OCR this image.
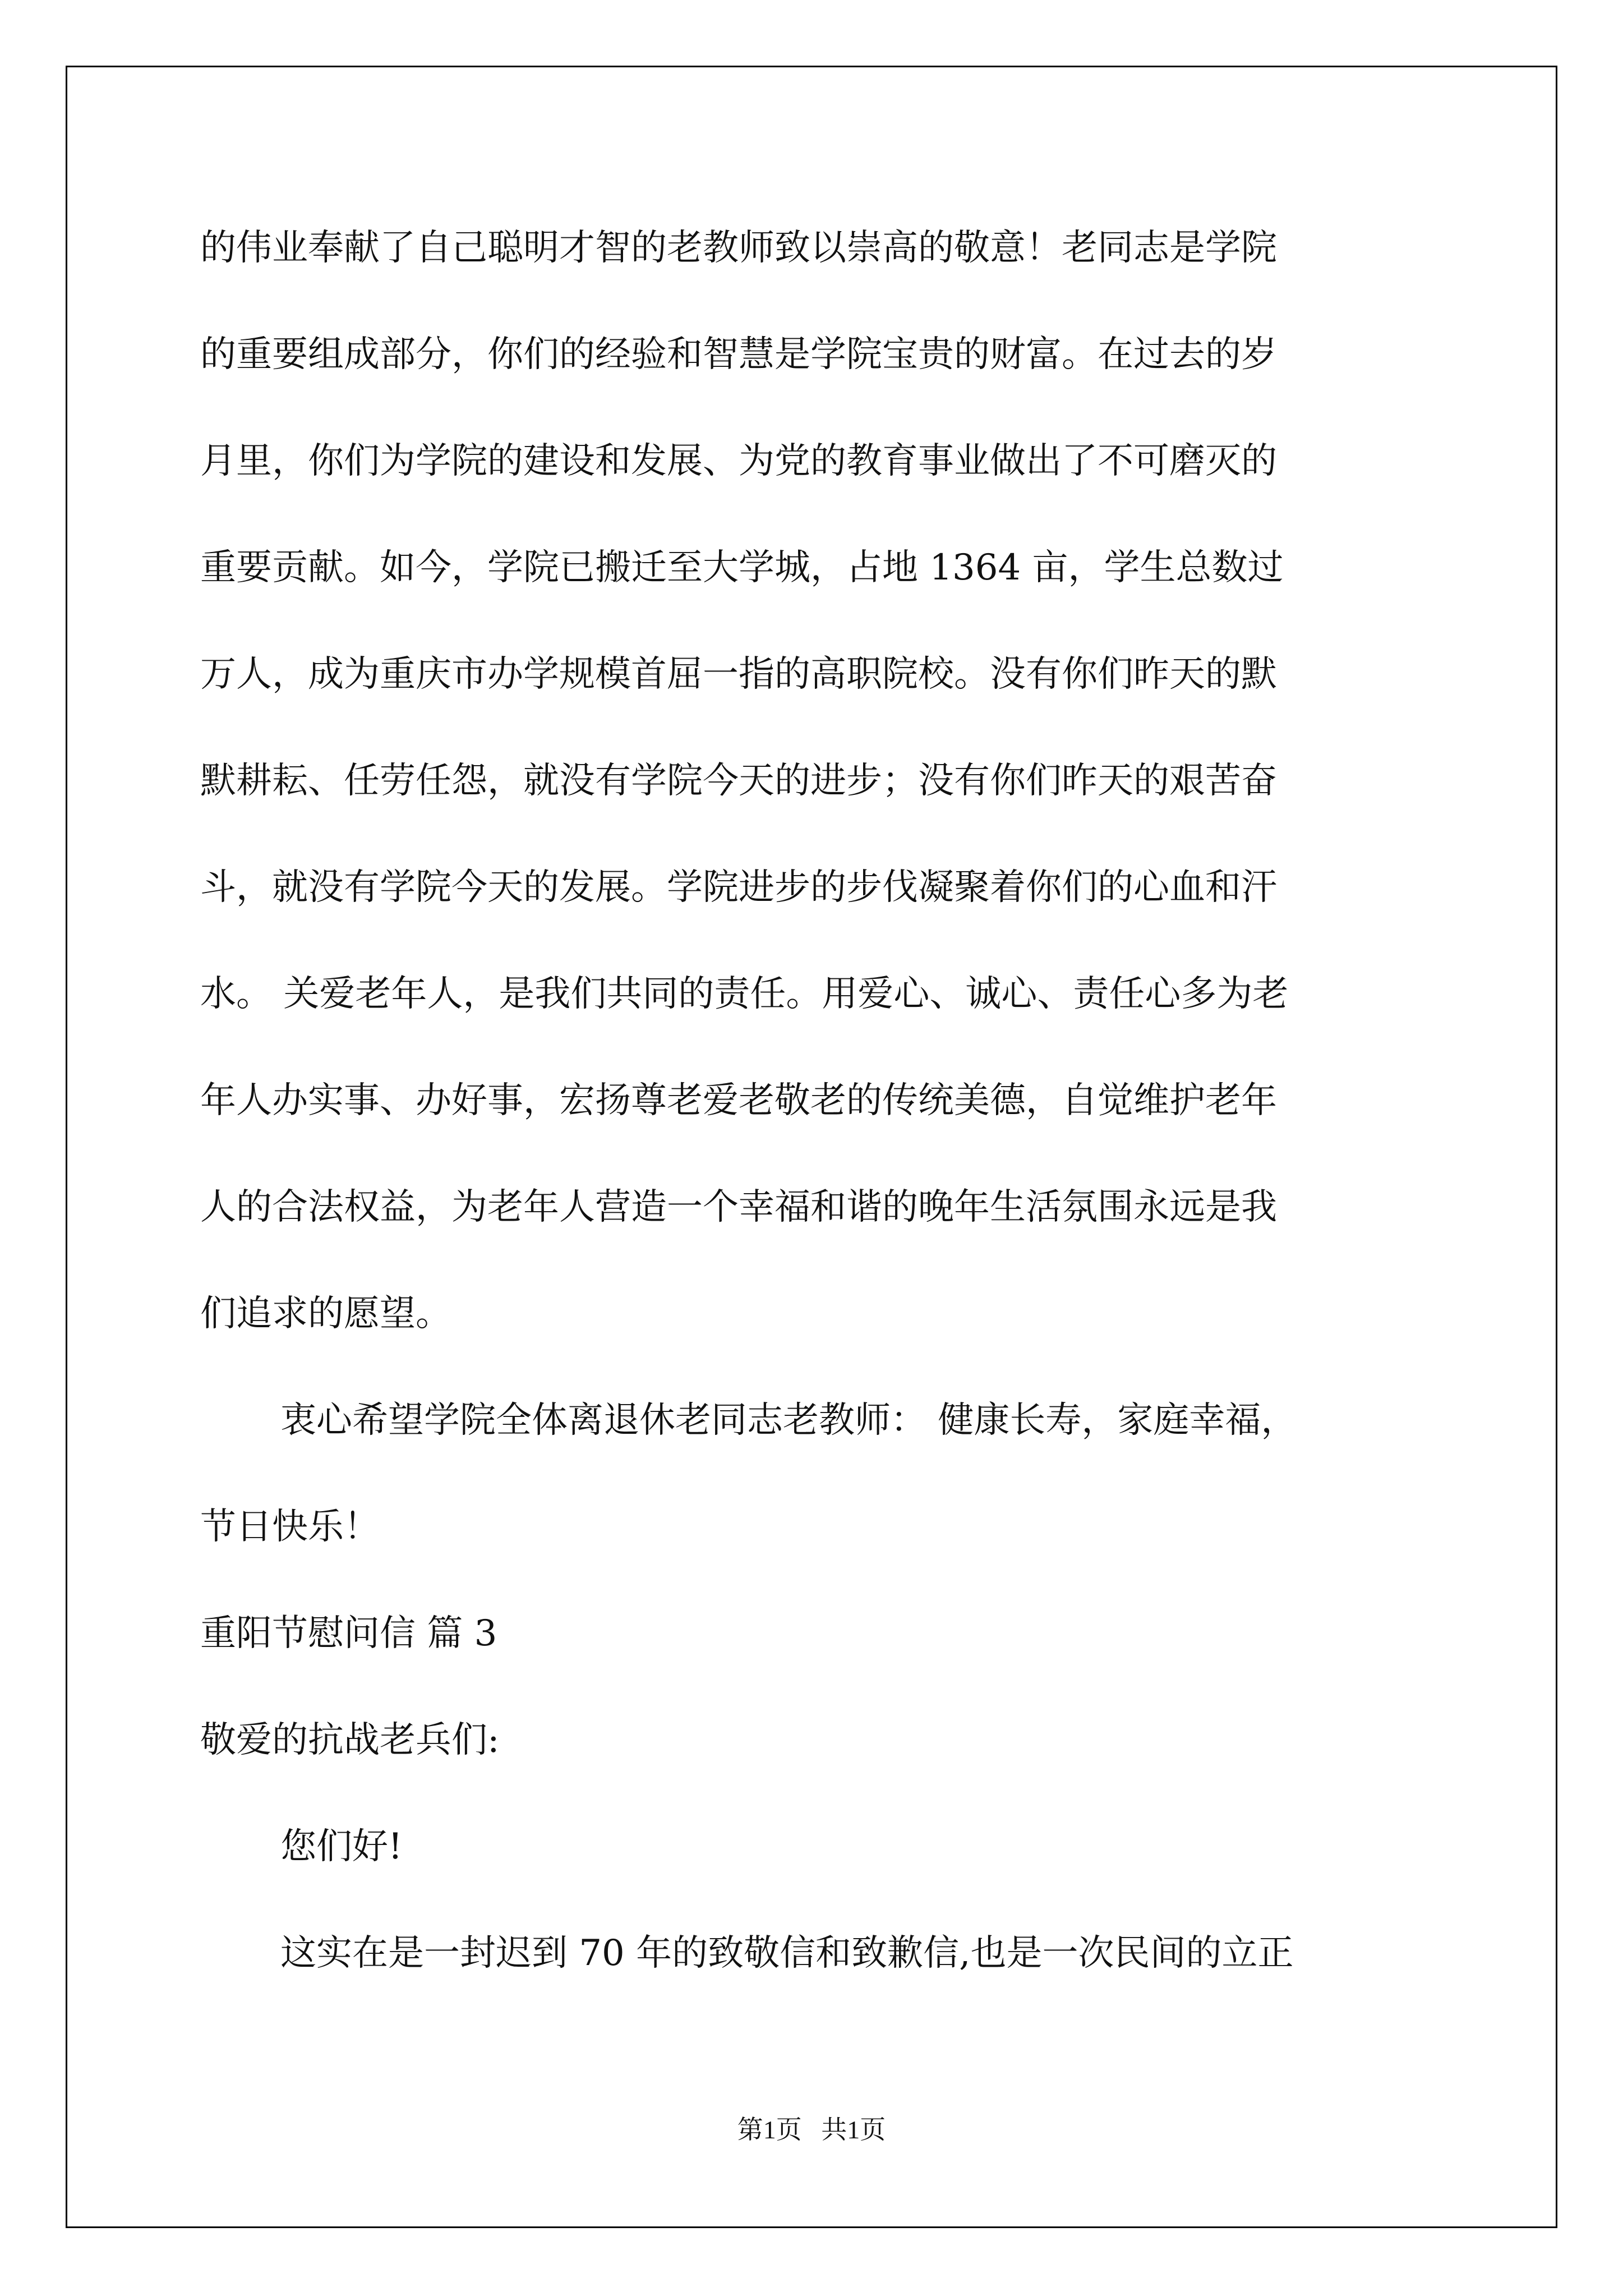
的伟业奉献了自己聪明才智的老教师致以崇高的敬意！老同志是学院
的重要组成部分，你们的经验和智慧是学院宝贵的财富。在过去的岁
月里，你们为学院的建设和发展、为党的教育事业做出了不可磨灭的
重要贡献。如今，学院已搬迁至大学城，占地 1364 亩，学生总数过
万人，成为重庆市办学规模首屈一指的高职院校。没有你们昨天的默
默耕耘、任劳任怨，就没有学院今天的进步；没有你们昨天的艰苦奋
斗，就没有学院今天的发展。学院进步的步伐凝聚着你们的心血和汗
水。 关爱老年人，是我们共同的责任。用爱心、诚心、责任心多为老
年人办实事、办好事，宏扬尊老爱老敬老的传统美德，自觉维护老年
人的合法权益，为老年人营造一个幸福和谐的晚年生活氛围永远是我
们追求的愿望。
衷心希望学院全体离退休老同志老教师： 健康长寿，家庭幸福，
节日快乐！
重阳节慰问信 篇 3
敬爱的抗战老兵们:
您们好!
这实在是一封迟到 70 年的致敬信和致歉信,也是一次民间的立正
第1页   共1页
